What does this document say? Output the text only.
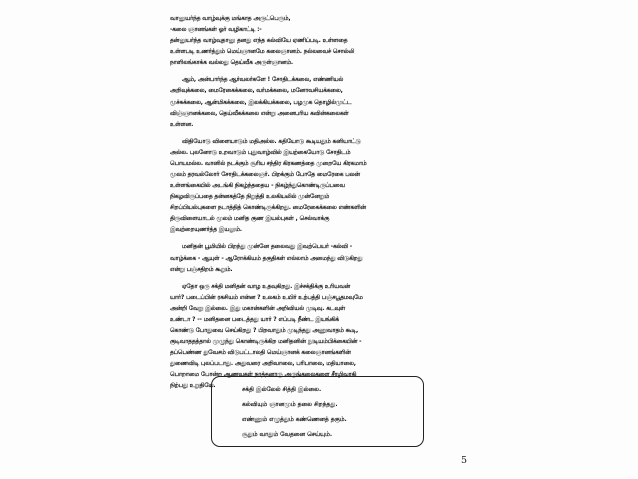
வானுயர்ந்த வாழ்வுக்கு மங்காத அருட்பெரும்,
-கலை ஞானங்கள் ஓர் வழிகாட்டி :-
தன்னுயர்ந்த வாழ்வுதானு தனது எந்த கல்வியே ஏணிப்படி. உள்ளதை
உள்ளபடி உணர்த்தும் மெய்ஞானமே கலைஞானம். நல்லவைச் சொல்லி
நாளிலங்காக்க வல்லது தெய்வீக அருள்ஞானம்.
ஆம், அன்பார்ந்த ஆர்வலர்களே ! சோதிடக்கலை, எண்ணியல்
அறிவுக்கலை, மைரேகைக்கலை, வர்மக்கலை, மனோவசியக்கலை,
மூச்சுக்கலை, ஆன்மிகக்கலை, இலக்கியக்கலை, பழமுக தொழில்முட்ட
விஞ்ஞானக்கலை, தெய்வீகக்கலை என்று அனைபரிய கவின்கலைகள்
உள்ளன.
விதியோடு விளையாடும் மதிஅல்ல. கதியோடு கூடியதும் கனியாட்டு
அல்ல. புலனோடு உறவாடும் புதுவாழ்வில் இயற்கையோடு சோதிடம்
பொயமல்ல. வானில் நடக்கும் சூரிய சந்திர கிரகணத்தை முறையே கிரகமாம்
மூலம் தரவல்லோர் சோதிடக்கலைஞர். பிறக்கும் போதே மைரேகை பலன்
உள்ளங்கையில் அடங்கி நிகழ்ந்ததைய - நிகழ்ந்துகொண்டிருப்பவை
நிகழவிருப்பதை தன்னகத்தே நிறுத்தி உலகியலில் முன்னேறும்
சிறப்பியல்புகளை நடாத்தித் கொண்டிருக்கிறது. மைரேகைக்கலை எண்களின்
திருவிளையாடல் மூலம் மனித குண இயல்புகள் , செல்வாக்கு
இவற்றையுணர்த்த இயலும்.
மனிதன் பூமியில் பிறந்து முன்னே தலைவது இவற்பெயர் -கல்வி -
வாழ்க்கை - ஆயுள் - ஆரோக்கியம் தகுதிகள் எல்லாம் அமைந்து விடுகிறது
என்று பஞ்சதிறம் கூறும்.
ஏதோ ஒரு சக்தி மனிதன் வாழ உதவுகிறது. இச்சக்திக்கு உரியவன்
யார்? படைப்பின் ரகசியம் என்ன ? உலகம் உயிர் உற்பத்தி பஞ்சபூதமவுமே
அன்றி வேறு இல்லை. இது மகான்களின் அறிவியல் முடிவு. கடவுள்
உண்டா ? -- மனிதனை படைத்தது யார் ? எப்படி நீண்ட இயங்கிக்
கொண்டு போதுவை செய்கிறது ? பிறவாதும் முடிந்தது அணுவாதம் கூடி,
குடிவாததத்தால் முழுந்து கொண்டிருக்கிற மனிதனின் நூடியம்பிக்கையின் -
தப்பெண்ண துவேசம் விடுபட்டாலதி மெய்ஞானக் கலைஞானங்களின்
துணைவிடி புலப்படாது. அதுவரை அறிவாலை, பரிபாலை, மதியாலை,
பொறாமை போன்ற ஆணவகள் நாத்தனாரு அருங்கலைகளை சீரழிவாகி
நிற்பது உறுதியே.
சக்தி இல்லேல் சித்தி இல்லை.
கல்வியும் ஞானமும் தலை சிறந்தது.
எண்ணும் எழுத்தும் கண்ணெனத் தகும்.
சூதும் வாதும் வேதனை செய்யும்.
5
